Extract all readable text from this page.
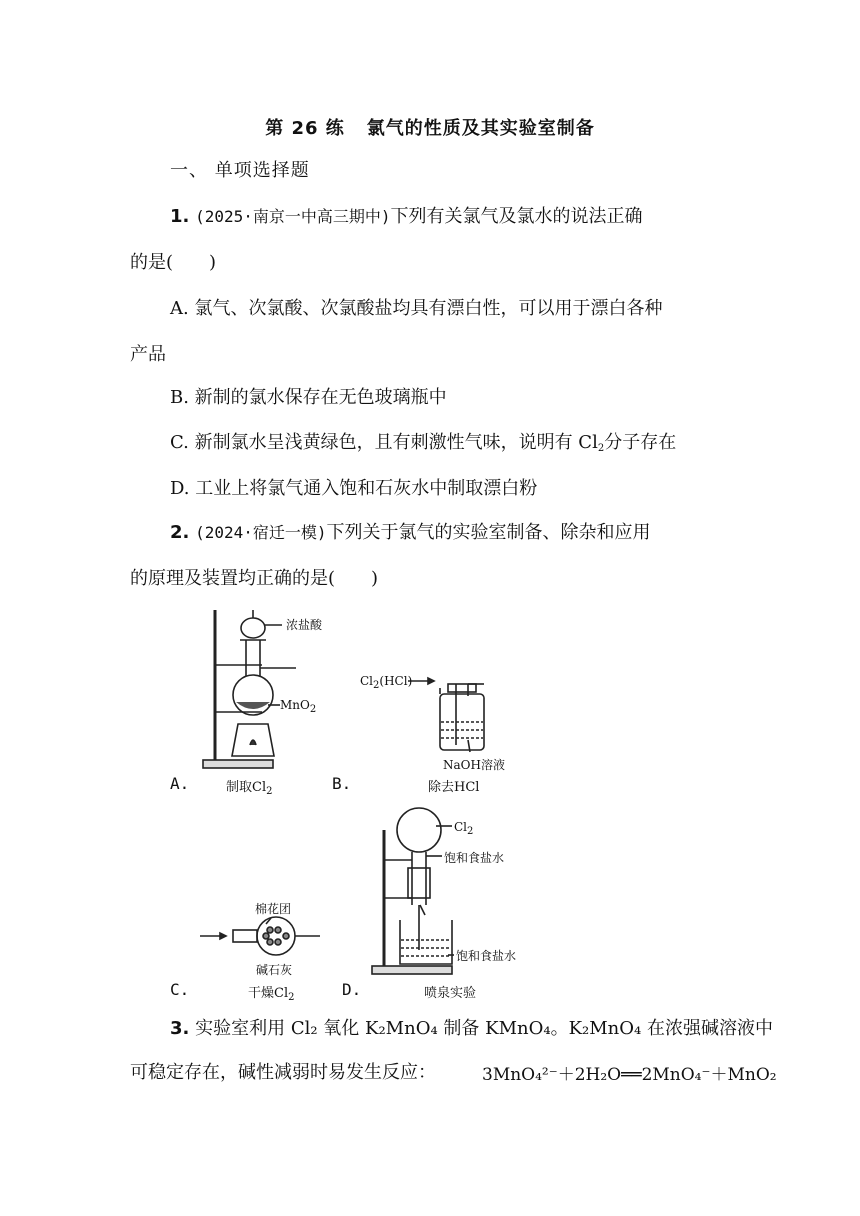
第 26 练 氯气的性质及其实验室制备
一、 单项选择题
1. (2025·南京一中高三期中)下列有关氯气及氯水的说法正确
的是( )
A. 氯气、次氯酸、次氯酸盐均具有漂白性，可以用于漂白各种
产品
B. 新制的氯水保存在无色玻璃瓶中
C. 新制氯水呈浅黄绿色，且有刺激性气味，说明有 $Cl_2$分子存在
D. 工业上将氯气通入饱和石灰水中制取漂白粉
2. (2024·宿迁一模)下列关于氯气的实验室制备、除杂和应用
的原理及装置均正确的是( )
浓盐酸
MnO$_2$
A.	制取$Cl_2$
$Cl_2(HCl)$
NaOH溶液
B.	除去HCl
棉花团
碱石灰
C.	干燥$Cl_2$
$Cl_2$
饱和食盐水
饱和食盐水
D.	喷泉实验
3. 实验室利用 Cl₂ 氧化 K₂MnO₄ 制备 KMnO₄。K₂MnO₄ 在浓强碱溶液中
可稳定存在，碱性减弱时易发生反应：	3MnO₄²⁻＋2H₂O══2MnO₄⁻＋MnO₂
